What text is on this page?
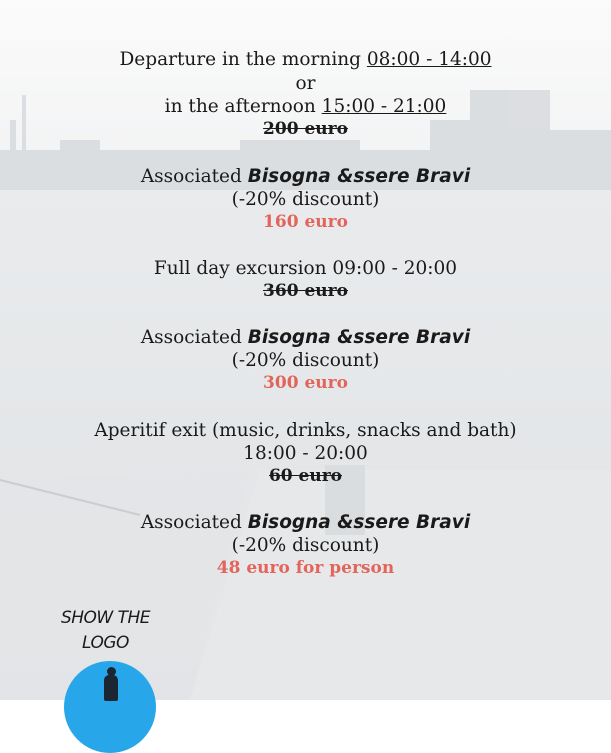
Departure in the morning 08:00 - 14:00
or
in the afternoon 15:00 - 21:00
200 euro
Associated Bisogna &ssere Bravi
(-20% discount)
160 euro
Full day excursion 09:00 - 20:00
360 euro
Associated Bisogna &ssere Bravi
(-20% discount)
300 euro
Aperitif exit (music, drinks, snacks and bath)
18:00 - 20:00
60 euro
Associated Bisogna &ssere Bravi
(-20% discount)
48 euro for person
SHOW THE
LOGO
